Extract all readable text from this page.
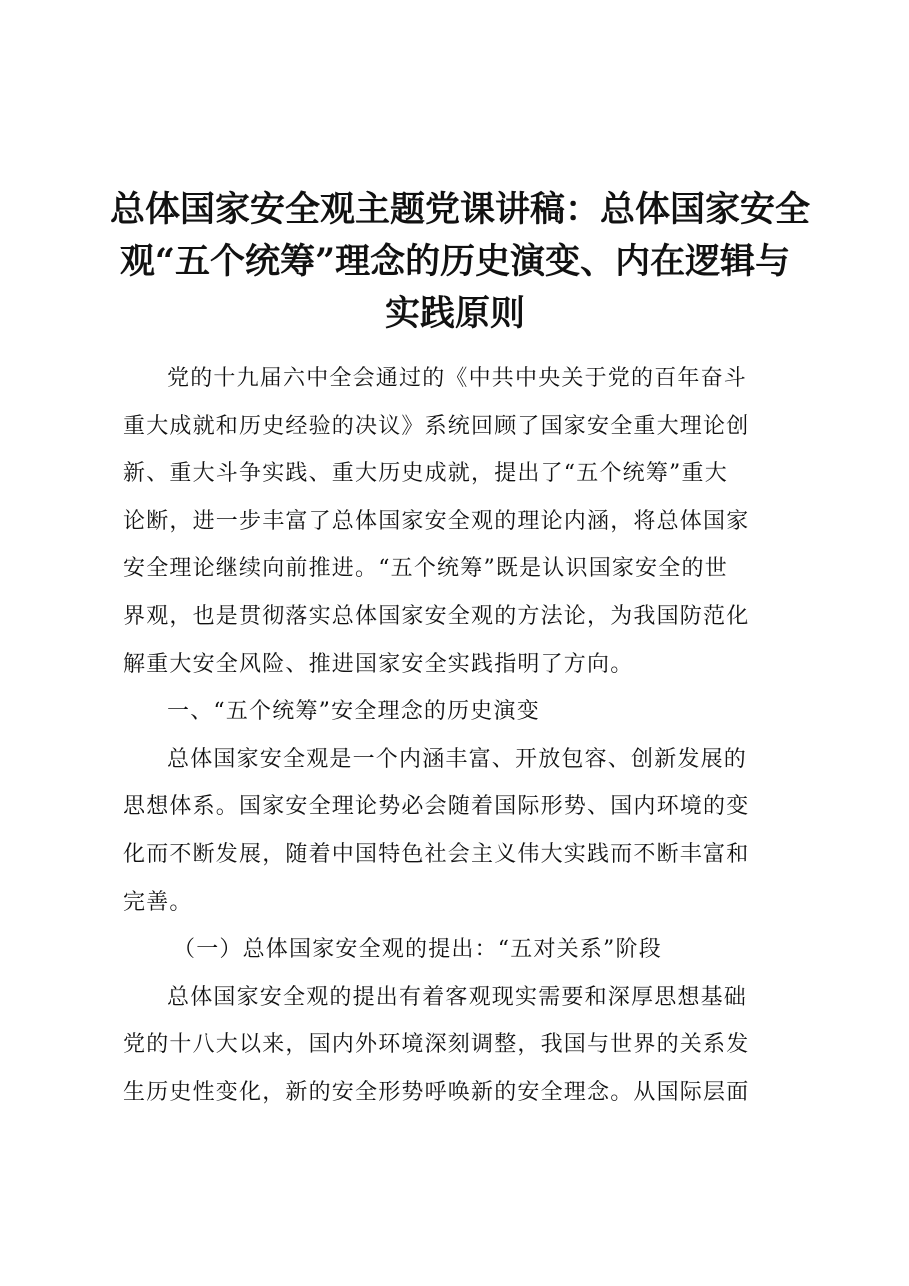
总体国家安全观主题党课讲稿：总体国家安全
观“五个统筹”理念的历史演变、内在逻辑与
实践原则
党的十九届六中全会通过的《中共中央关于党的百年奋斗
重大成就和历史经验的决议》系统回顾了国家安全重大理论创
新、重大斗争实践、重大历史成就，提出了“五个统筹”重大
论断，进一步丰富了总体国家安全观的理论内涵，将总体国家
安全理论继续向前推进。“五个统筹”既是认识国家安全的世
界观，也是贯彻落实总体国家安全观的方法论，为我国防范化
解重大安全风险、推进国家安全实践指明了方向。
一、“五个统筹”安全理念的历史演变
总体国家安全观是一个内涵丰富、开放包容、创新发展的
思想体系。国家安全理论势必会随着国际形势、国内环境的变
化而不断发展，随着中国特色社会主义伟大实践而不断丰富和
完善。
（一）总体国家安全观的提出：“五对关系”阶段
总体国家安全观的提出有着客观现实需要和深厚思想基础
党的十八大以来，国内外环境深刻调整，我国与世界的关系发
生历史性变化，新的安全形势呼唤新的安全理念。从国际层面
